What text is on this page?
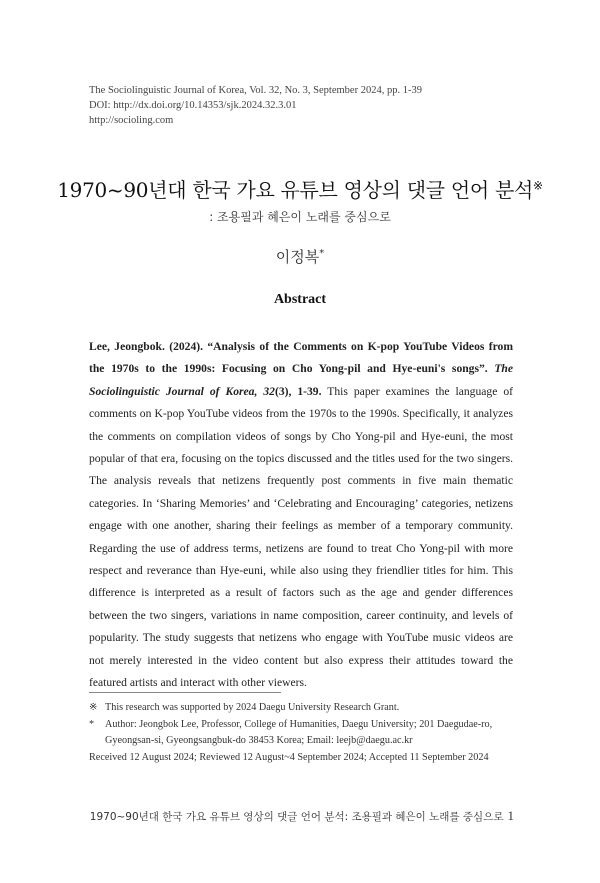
The Sociolinguistic Journal of Korea, Vol. 32, No. 3, September 2024, pp. 1-39
DOI: http://dx.doi.org/10.14353/sjk.2024.32.3.01
http://socioling.com
1970~90년대 한국 가요 유튜브 영상의 댓글 언어 분석※
: 조용필과 혜은이 노래를 중심으로
이정복*
Abstract
Lee, Jeongbok. (2024). “Analysis of the Comments on K-pop YouTube Videos from the 1970s to the 1990s: Focusing on Cho Yong-pil and Hye-euni's songs”. The Sociolinguistic Journal of Korea, 32(3), 1-39. This paper examines the language of comments on K-pop YouTube videos from the 1970s to the 1990s. Specifically, it analyzes the comments on compilation videos of songs by Cho Yong-pil and Hye-euni, the most popular of that era, focusing on the topics discussed and the titles used for the two singers. The analysis reveals that netizens frequently post comments in five main thematic categories. In ‘Sharing Memories’ and ‘Celebrating and Encouraging’ categories, netizens engage with one another, sharing their feelings as member of a temporary community. Regarding the use of address terms, netizens are found to treat Cho Yong-pil with more respect and reverance than Hye-euni, while also using they friendlier titles for him. This difference is interpreted as a result of factors such as the age and gender differences between the two singers, variations in name composition, career continuity, and levels of popularity. The study suggests that netizens who engage with YouTube music videos are not merely interested in the video content but also express their attitudes toward the featured artists and interact with other viewers.
※ This research was supported by 2024 Daegu University Research Grant.
* Author: Jeongbok Lee, Professor, College of Humanities, Daegu University; 201 Daegudae-ro,
Gyeongsan-si, Gyeongsangbuk-do 38453 Korea; Email: leejb@daegu.ac.kr
Received 12 August 2024; Reviewed 12 August~4 September 2024; Accepted 11 September 2024
1970~90년대 한국 가요 유튜브 영상의 댓글 언어 분석: 조용필과 혜은이 노래를 중심으로 1
